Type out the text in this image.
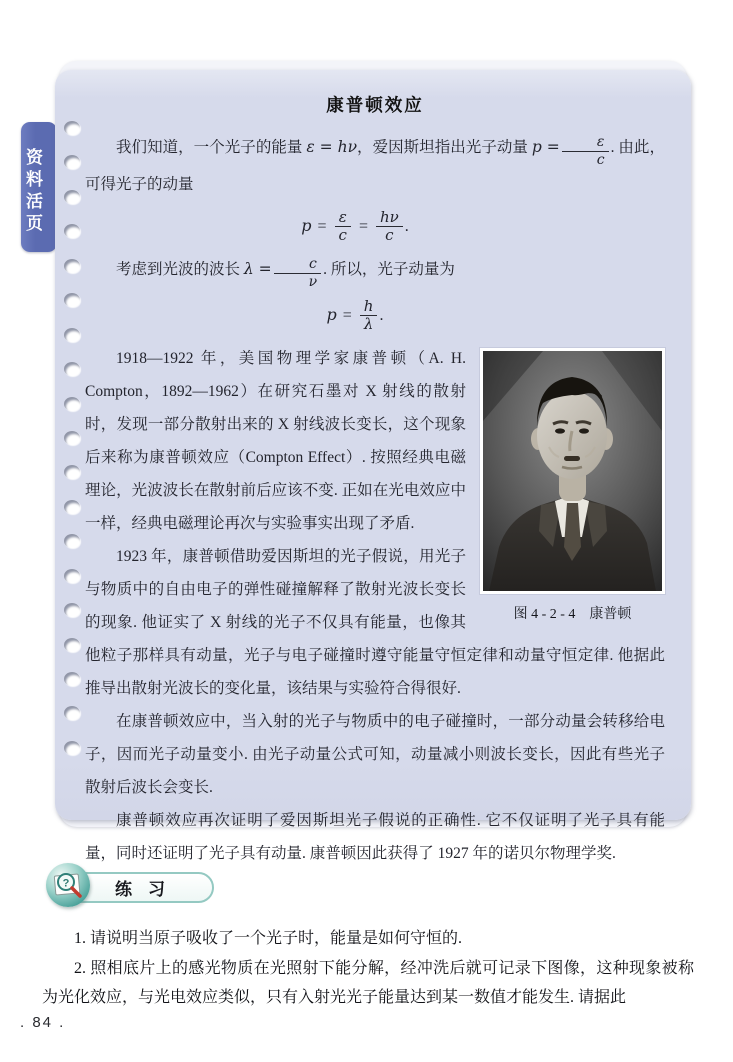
资料活页
康普顿效应

我们知道，一个光子的能量 ε = hν，爱因斯坦指出光子动量 $p = \frac{\varepsilon}{c}$ . 由此，可得光子的动量

$p = \frac{\varepsilon}{c} = \frac{h\nu}{c}$ .

考虑到光波的波长 $\lambda = \frac{c}{\nu}$ . 所以，光子动量为

$p = \frac{h}{\lambda}$ .
图 4 - 2 - 4　康普顿

1918—1922 年，美国物理学家康普顿（A. H. Compton，1892—1962）在研究石墨对 X 射线的散射时，发现一部分散射出来的 X 射线波长变长，这个现象后来称为康普顿效应（Compton Effect）. 按照经典电磁理论，光波波长在散射前后应该不变. 正如在光电效应中一样，经典电磁理论再次与实验事实出现了矛盾.

1923 年，康普顿借助爱因斯坦的光子假说，用光子与物质中的自由电子的弹性碰撞解释了散射光波长变长的现象. 他证实了 X 射线的光子不仅具有能量，也像其他粒子那样具有动量，光子与电子碰撞时遵守能量守恒定律和动量守恒定律. 他据此推导出散射光波长的变化量，该结果与实验符合得很好.

在康普顿效应中，当入射的光子与物质中的电子碰撞时，一部分动量会转移给电子，因而光子动量变小. 由光子动量公式可知，动量减小则波长变长，因此有些光子散射后波长会变长.

康普顿效应再次证明了爱因斯坦光子假说的正确性. 它不仅证明了光子具有能量，同时还证明了光子具有动量. 康普顿因此获得了 1927 年的诺贝尔物理学奖.

练习
?

1. 请说明当原子吸收了一个光子时，能量是如何守恒的.

2. 照相底片上的感光物质在光照射下能分解，经冲洗后就可记录下图像，这种现象被称为光化效应，与光电效应类似，只有入射光光子能量达到某一数值才能发生. 请据此

. 84 .
